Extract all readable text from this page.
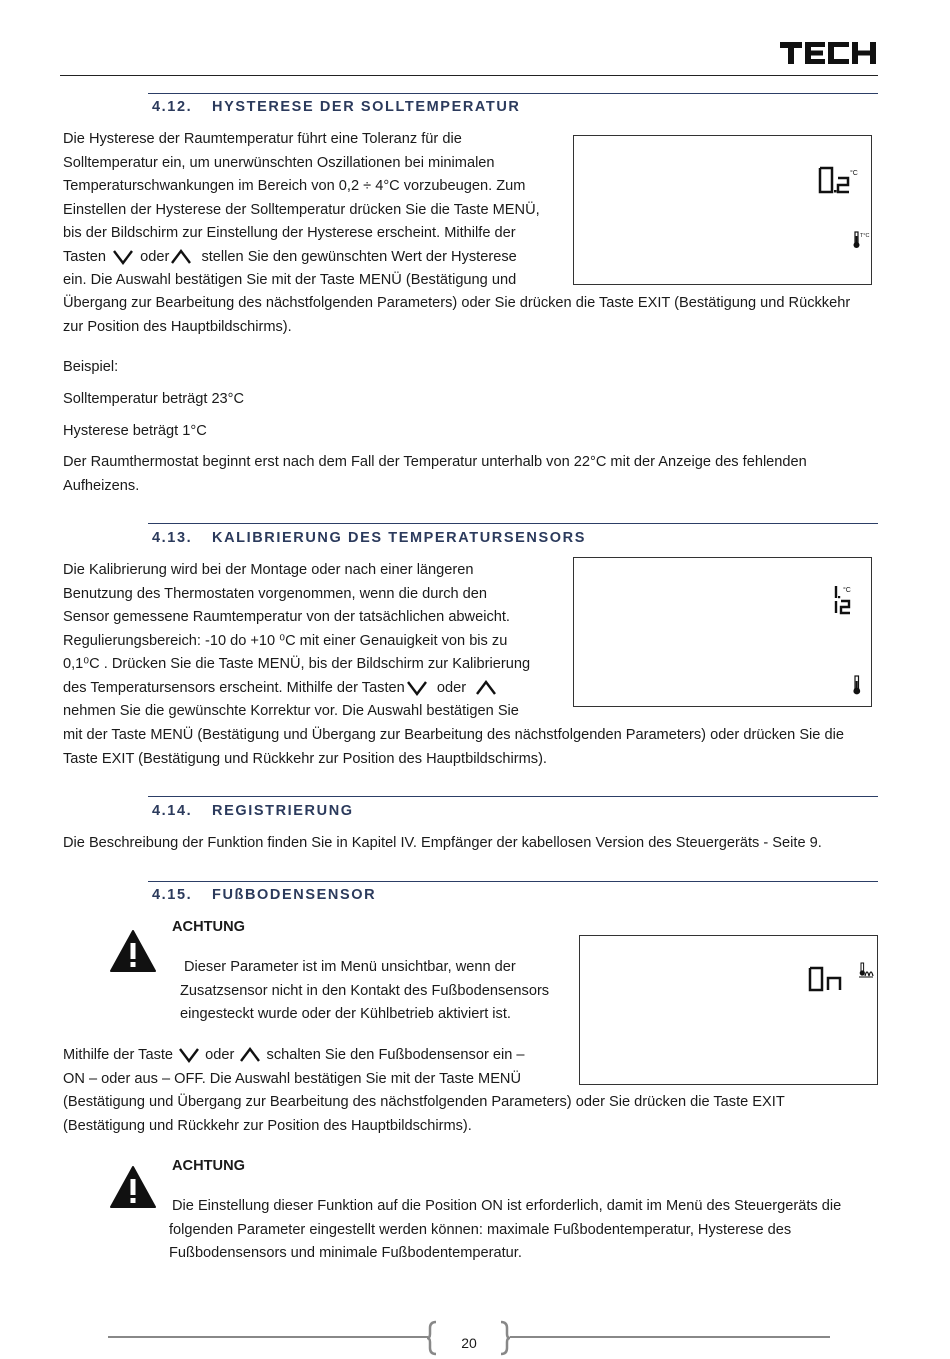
4.12. HYSTERESE DER SOLLTEMPERATUR

Die Hysterese der Raumtemperatur führt eine Toleranz für die

Solltemperatur ein, um unerwünschten Oszillationen bei minimalen

Temperaturschwankungen im Bereich von 0,2 ÷ 4°C vorzubeugen. Zum

Einstellen der Hysterese der Solltemperatur drücken Sie die Taste MENÜ,

bis der Bildschirm zur Einstellung der Hysterese erscheint. Mithilfe der

Tasten oder stellen Sie den gewünschten Wert der Hysterese

ein. Die Auswahl bestätigen Sie mit der Taste MENÜ (Bestätigung und

Übergang zur Bearbeitung des nächstfolgenden Parameters) oder Sie drücken die Taste EXIT (Bestätigung und Rückkehr

zur Position des Hauptbildschirms).

°C
T°C
Beispiel:
Solltemperatur beträgt 23°C
Hysterese beträgt 1°C

Der Raumthermostat beginnt erst nach dem Fall der Temperatur unterhalb von 22°C mit der Anzeige des fehlenden

Aufheizens.

4.13. KALIBRIERUNG DES TEMPERATURSENSORS

Die Kalibrierung wird bei der Montage oder nach einer längeren

Benutzung des Thermostaten vorgenommen, wenn die durch den

Sensor gemessene Raumtemperatur von der tatsächlichen abweicht.

Regulierungsbereich: -10 do +10 ⁰C mit einer Genauigkeit von bis zu

0,1⁰C . Drücken Sie die Taste MENÜ, bis der Bildschirm zur Kalibrierung

des Temperatursensors erscheint. Mithilfe der Tasten oder

nehmen Sie die gewünschte Korrektur vor. Die Auswahl bestätigen Sie

mit der Taste MENÜ (Bestätigung und Übergang zur Bearbeitung des nächstfolgenden Parameters) oder drücken Sie die

Taste EXIT (Bestätigung und Rückkehr zur Position des Hauptbildschirms).

°C
4.14. REGISTRIERUNG
Die Beschreibung der Funktion finden Sie in Kapitel IV. Empfänger der kabellosen Version des Steuergeräts - Seite 9.
4.15. FUßBODENSENSOR
ACHTUNG

Dieser Parameter ist im Menü unsichtbar, wenn der

Zusatzsensor nicht in den Kontakt des Fußbodensensors

eingesteckt wurde oder der Kühlbetrieb aktiviert ist.

Mithilfe der Taste oder schalten Sie den Fußbodensensor ein –

ON – oder aus – OFF. Die Auswahl bestätigen Sie mit der Taste MENÜ

(Bestätigung und Übergang zur Bearbeitung des nächstfolgenden Parameters) oder Sie drücken die Taste EXIT

(Bestätigung und Rückkehr zur Position des Hauptbildschirms).

ACHTUNG

Die Einstellung dieser Funktion auf die Position ON ist erforderlich, damit im Menü des Steuergeräts die

folgenden Parameter eingestellt werden können: maximale Fußbodentemperatur, Hysterese des

Fußbodensensors und minimale Fußbodentemperatur.

20
